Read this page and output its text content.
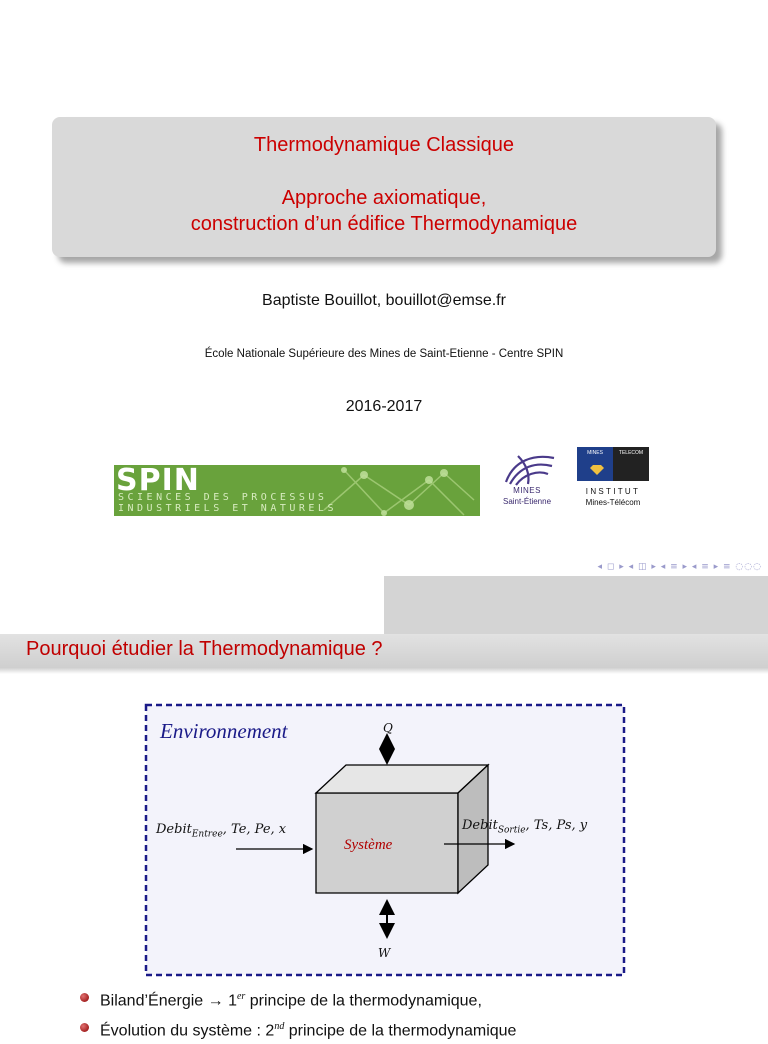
Thermodynamique Classique
Approche axiomatique,
construction d’un édifice Thermodynamique
Baptiste Bouillot, bouillot@emse.fr
École Nationale Supérieure des Mines de Saint-Etienne - Centre SPIN
2016-2017
SPIN
SCIENCES DES PROCESSUS
INDUSTRIELS ET NATURELS
MINES
Saint-Étienne
MINES	TELECOM
INSTITUT
Mines-Télécom
◂ ◻ ▸ ◂ ◫ ▸ ◂ ≡ ▸ ◂ ≡ ▸ ≡ ◌◌◌
Pourquoi étudier la Thermodynamique ?
Environnement	Q
W
Debit$_{Entree}$, Te, Pe, x	Debit$_{Sortie}$, Ts, Ps, y
Système
Biland’Énergie → 1er principe de la thermodynamique,
Évolution du système : 2nd principe de la thermodynamique
